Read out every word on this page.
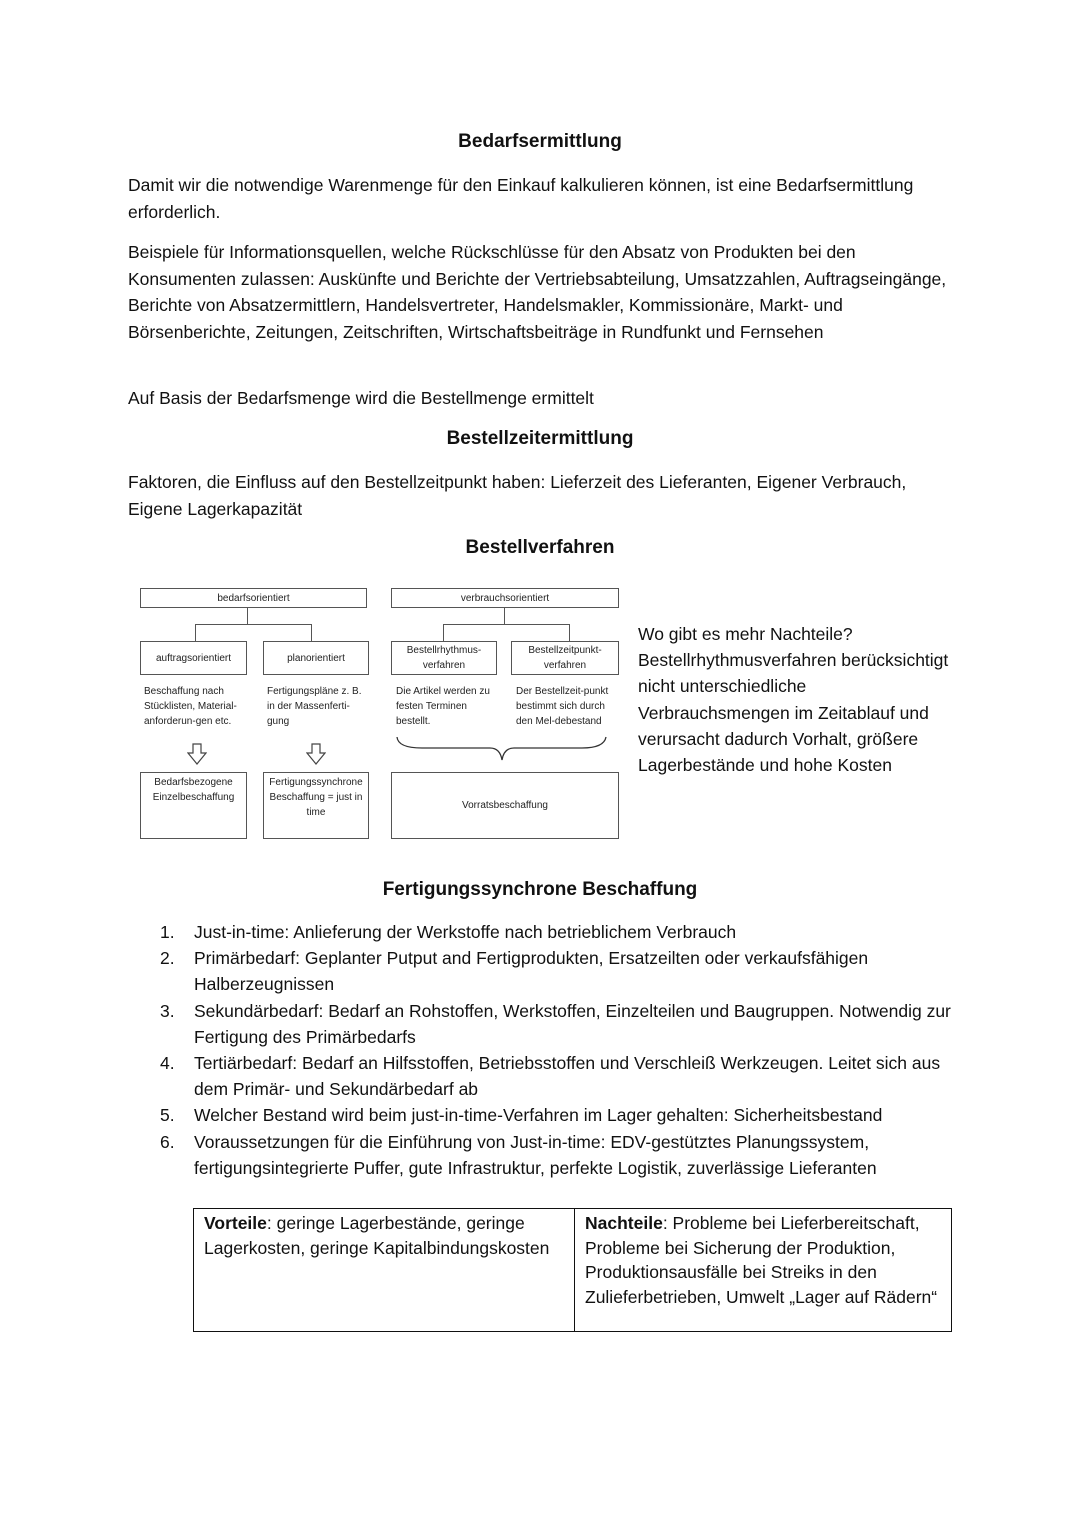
Bedarfsermittlung
Damit wir die notwendige Warenmenge für den Einkauf kalkulieren können, ist eine Bedarfsermittlung erforderlich.
Beispiele für Informationsquellen, welche Rückschlüsse für den Absatz von Produkten bei den Konsumenten zulassen: Auskünfte und Berichte der Vertriebsabteilung, Umsatzzahlen, Auftragseingänge, Berichte von Absatzermittlern, Handelsvertreter, Handelsmakler, Kommissionäre, Markt- und Börsenberichte, Zeitungen, Zeitschriften, Wirtschaftsbeiträge in Rundfunkt und Fernsehen
Auf Basis der Bedarfsmenge wird die Bestellmenge ermittelt
Bestellzeitermittlung
Faktoren, die Einfluss auf den Bestellzeitpunkt haben: Lieferzeit des Lieferanten, Eigener Verbrauch, Eigene Lagerkapazität
Bestellverfahren
bedarfsorientiert	verbrauchsorientiert
auftragsorientiert	planorientiert
Bestellrhythmus-verfahren
Bestellzeitpunkt-verfahren
Beschaffung nach Stücklisten, Material-anforderun-gen etc.
Fertigungspläne z. B. in der Massenferti-gung
Die Artikel werden zu festen Terminen bestellt.
Der Bestellzeit-punkt bestimmt sich durch den Mel-debestand
Bedarfsbezogene Einzelbeschaffung
Fertigungssynchrone Beschaffung = just in time
Vorratsbeschaffung
Wo gibt es mehr Nachteile?
Bestellrhythmusverfahren berücksichtigt nicht unterschiedliche Verbrauchsmengen im Zeitablauf und verursacht dadurch Vorhalt, größere Lagerbestände und hohe Kosten
Fertigungssynchrone Beschaffung
1. Just-in-time: Anlieferung der Werkstoffe nach betrieblichem Verbrauch
2. Primärbedarf: Geplanter Putput and Fertigprodukten, Ersatzeilten oder verkaufsfähigen Halberzeugnissen
3. Sekundärbedarf: Bedarf an Rohstoffen, Werkstoffen, Einzelteilen und Baugruppen. Notwendig zur Fertigung des Primärbedarfs
4. Tertiärbedarf: Bedarf an Hilfsstoffen, Betriebsstoffen und Verschleiß Werkzeugen. Leitet sich aus dem Primär- und Sekundärbedarf ab
5. Welcher Bestand wird beim just-in-time-Verfahren im Lager gehalten: Sicherheitsbestand
6. Voraussetzungen für die Einführung von Just-in-time: EDV-gestütztes Planungssystem, fertigungsintegrierte Puffer, gute Infrastruktur, perfekte Logistik, zuverlässige Lieferanten
Vorteile: geringe Lagerbestände, geringe Lagerkosten, geringe Kapitalbindungskosten	Nachteile: Probleme bei Lieferbereitschaft, Probleme bei Sicherung der Produktion, Produktionsausfälle bei Streiks in den Zulieferbetrieben, Umwelt „Lager auf Rädern“
